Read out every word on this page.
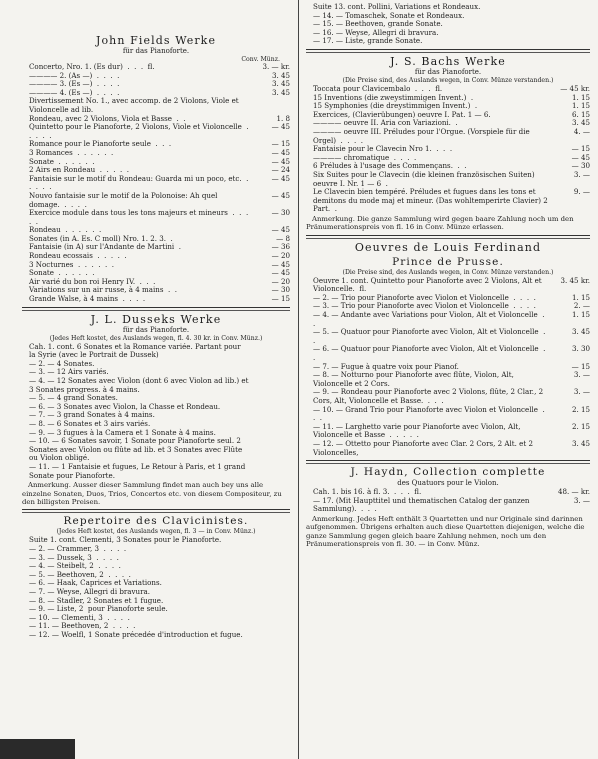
John Fields Werke
für das Pianoforte.
Conv. Münz.
Concerto, Nro. 1. (Es dur)  .  .  .  fl.	3. — kr.
———— 2. (As —)  .  .  .  .	3. 45
———— 3. (Es —)  .  .  .  .	3. 45
———— 4. (Es —)  .  .  .  .	3. 45
Divertissement No. 1., avec accomp. de 2 Violons, Viole et Violoncelle ad lib.
Rondeau, avec 2 Violons, Viola et Basse  .  .	1. 8
Quintetto pour le Pianoforte, 2 Violons, Viole et Violoncelle  .  .  .  .  .
— 45
Romance pour le Pianoforte seule  .  .  .	— 15
3 Romances  .  .  .  .  .  .	— 45
Sonate  .  .  .  .  .  .	— 45
2 Airs en Rondeau  .  .  .  .  .	— 24
Fantaisie sur le motif du Rondeau: Guarda mi un poco, etc.  .  .  .  .  .
— 45
Nouvo fantaisie sur le motif de la Polonoise: Ah quel domage.  .  .  .  .
— 45
Exercice module dans tous les tons majeurs et mineurs  .  .  .  .  .
— 30
Rondeau  .  .  .  .  .  .	— 45
Sonates (in A. Es. C moll) Nro. 1. 2. 3.  .	— 8
Fantaisie (in A) sur l'Andante de Martini  .	— 36
Rondeau ecossais  .  .  .  .  .	— 20
3 Nocturnes  .  .  .  .  .  .	— 45
Sonate  .  .  .  .  .  .	— 45
Air varié du bon roi Henry IV.  .  .  .	— 20
Variations sur un air russe, à 4 mains  .  .	— 30
Grande Walse, à 4 mains  .  .  .  .	— 15
J. L. Dusseks Werke
für das Pianoforte.
(Jedes Heft kostet, des Auslands wegen, fl. 4. 30 kr. in Conv. Münz.)
Cah. 1. cont. 6 Sonates et la Romance variée. Partant pour la Syrie (avec le Portrait de Dussek)
— 2. — 4 Sonates.
— 3. — 12 Airs variés.
— 4. — 12 Sonates avec Violon (dont 6 avec Violon ad lib.) et 3 Sonates progress. à 4 mains.
— 5. — 4 grand Sonates.
— 6. — 3 Sonates avec Violon, la Chasse et Rondeau.
— 7. — 3 grand Sonates à 4 mains.
— 8. — 6 Sonates et 3 airs variés.
— 9. — 3 fugues à la Camera et 1 Sonate à 4 mains.
— 10. — 6 Sonates savoir, 1 Sonate pour Pianoforte seul. 2 Sonates avec Violon ou flûte ad lib. et 3 Sonates avec Flûte ou Violon obligé.
— 11. — 1 Fantaisie et fugues, Le Retour à Paris, et 1 grand Sonate pour Pianoforte.
Anmerkung. Ausser dieser Sammlung findet man auch bey uns alle einzelne Sonaten, Duos, Trios, Concertos etc. von diesem Compositeur, zu den billigsten Preisen.
Repertoire des Clavicinistes.
(Jedes Heft kostet, des Auslands wegen, fl. 3 — in Conv. Münz.)
Suite 1. cont. Clementi, 3 Sonates pour le Pianoforte.
— 2. — Crammer, 3  .  .  .  .
— 3. — Dussek, 3  .  .  .  .
— 4. — Steibelt, 2  .  .  .  .
— 5. — Beethoven, 2  .  .  .  .
— 6. — Haak, Caprices et Variations.
— 7. — Weyse, Allegri di bravura.
— 8. — Stadler, 2 Sonates et 1 fugue.
— 9. — Liste, 2  pour Pianoforte seule.
— 10. — Clementi, 3  .  .  .  .
— 11. — Beethoven, 2  .  .  .  .
— 12. — Woelfl, 1 Sonate précedée d'introduction et fugue.
Suite 13. cont. Pollini, Variations et Rondeaux.
— 14. — Tomaschek, Sonate et Rondeaux.
— 15. — Beethoven, grande Sonate.
— 16. — Weyse, Allegri di bravura.
— 17. — Liste, grande Sonate.
J. S. Bachs Werke
für das Pianoforte.
(Die Preise sind, des Auslands wegen, in Conv. Münze verstanden.)
Toccata pour Clavicembalo  .  .  .  fl.	— 45 kr.
15 Inventions (die zweystimmigen Invent.)  .	1. 15
15 Symphonies (die dreystimmigen Invent.)  .	1. 15
Exercices, (Clavierübungen) oeuvre I. Pat. 1 — 6.	6. 15
———— oeuvre II. Aria con Variazioni.  .	3. 45
———— oeuvre III. Préludes pour l'Orgue. (Vorspiele für die Orgel)  .  .  .  .
4. —
Fantaisie pour le Clavecin Nro 1.  .  .  .	— 15
———— chromatique  .  .  .  .	— 45
6 Préludes à l'usage des Commençans.  .  .	— 30
Six Suites pour le Clavecin (die kleinen französischen Suiten) oeuvre I. Nr. 1 — 6  .
3. —
Le Clavecin bien tempéré. Préludes et fugues dans les tons et demitons du mode maj et mineur. (Das wohltemperirte Clavier) 2 Part.  .
9. —
Anmerkung. Die ganze Sammlung wird gegen baare Zahlung noch um den Pränumerationspreis von fl. 16 in Conv. Münze erlassen.
Oeuvres de Louis Ferdinand
Prince de Prusse.
(Die Preise sind, des Auslands wegen, in Conv. Münze verstanden.)
Oeuvre 1. cont. Quintetto pour Pianoforte avec 2 Violons, Alt et Violoncelle.  fl.
3. 45 kr.
— 2. — Trio pour Pianoforte avec Violon et Violoncelle  .  .  .  .	1. 15
— 3. — Trio pour Pianoforte avec Violon et Violoncelle  .  .  .  .	2. —
— 4. — Andante avec Variations pour Violon, Alt et Violoncelle  .  .
1. 15
— 5. — Quatuor pour Pianoforte avec Violon, Alt et Violoncelle  .  .
3. 45
— 6. — Quatuor pour Pianoforte avec Violon, Alt et Violoncelle  .  .
3. 30
— 7. — Fugue à quatre voix pour Pianof.	— 15
— 8. — Notturno pour Pianoforte avec flûte, Violon, Alt, Violoncelle et 2 Cors.
3. —
— 9. — Rondeau pour Pianoforte avec 2 Violons, flûte, 2 Clar., 2 Cors, Alt, Violoncelle et Basse.  .  .  .
3. —
— 10. — Grand Trio pour Pianoforte avec Violon et Violoncelle  .  .  .
2. 15
— 11. — Larghetto varie pour Pianoforte avec Violon, Alt, Violoncelle et Basse  .  .  .  .  .
2. 15
— 12. — Ottetto pour Pianoforte avec Clar. 2 Cors, 2 Alt. et 2 Violoncelles,
3. 45
J. Haydn, Collection complette
des Quatuors pour le Violon.
Cah. 1. bis 16. à fl. 3.  .  .  .  fl.	48. — kr.
— 17. (Mit Haupttitel und thematischen Catalog der ganzen Sammlung).  .  .  .
3. —
Anmerkung. Jedes Heft enthält 3 Quartetten und nur Originale sind darinnen aufgenommen. Übrigens erhalten auch diese Quartetten diejenigen, welche die ganze Sammlung gegen gleich baare Zahlung nehmen, noch um den Pränumerationspreis von fl. 30. — in Conv. Münz.
